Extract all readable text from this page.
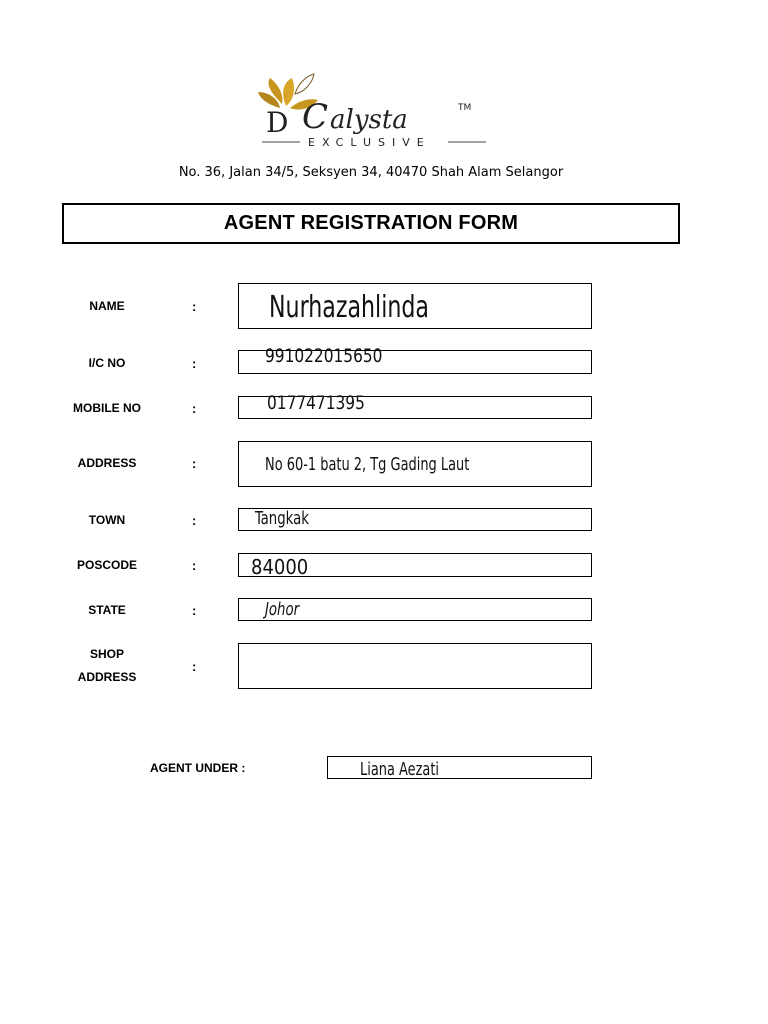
D C alysta	TM
EXCLUSIVE
No. 36, Jalan 34/5, Seksyen 34, 40470 Shah Alam Selangor
AGENT REGISTRATION FORM
NAME	: Nurhazahlinda
I/C NO	:	991022015650
MOBILE NO	:	0177471395
ADDRESS	:	No 60-1 batu 2, Tg Gading Laut
TOWN	:	Tangkak
POSCODE	:	84000
STATE	:	Johor
SHOP
ADDRESS
:
AGENT UNDER :	Liana Aezati
